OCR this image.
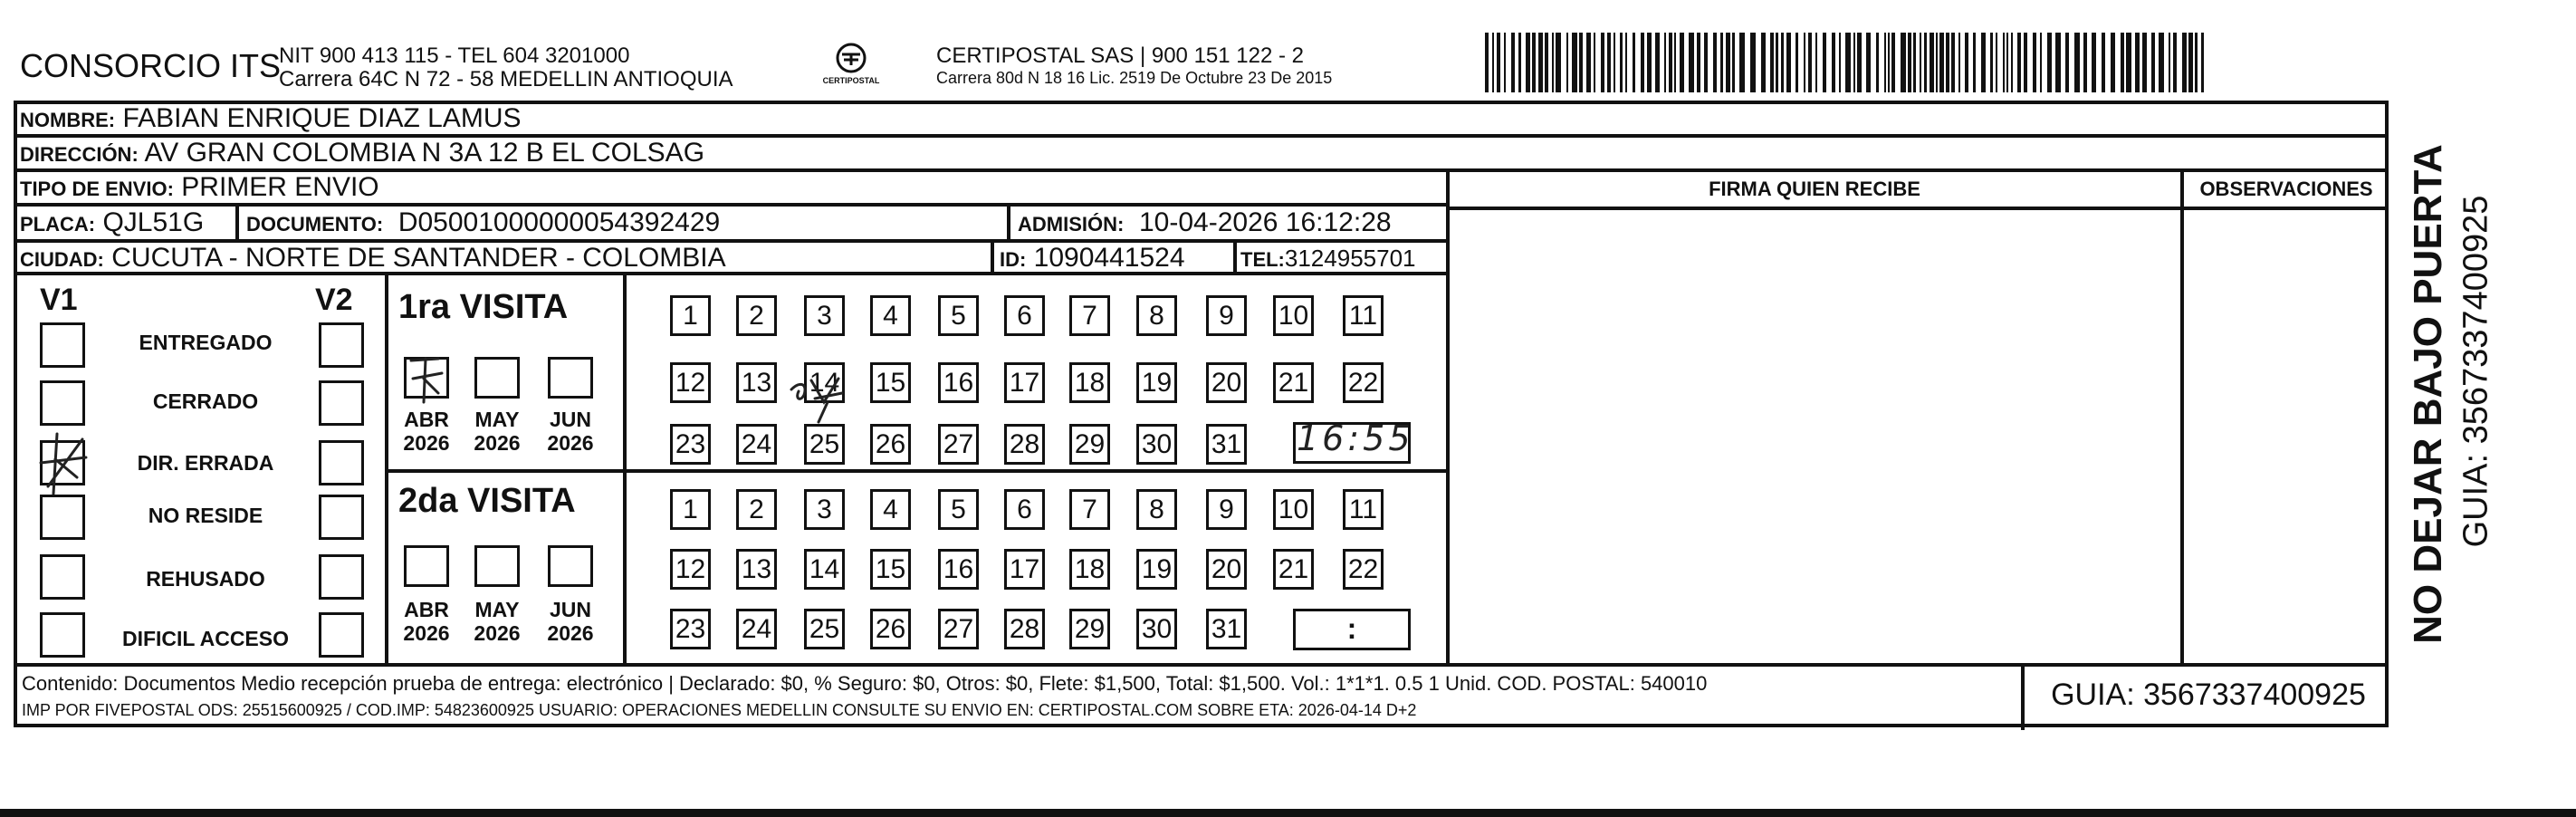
CONSORCIO ITS
NIT 900 413 115 - TEL 604 3201000
Carrera 64C N 72 - 58 MEDELLIN ANTIOQUIA	CERTIPOSTAL
CERTIPOSTAL SAS | 900 151 122 - 2
Carrera 80d N 18 16 Lic. 2519 De Octubre 23 De 2015
NOMBRE: FABIAN ENRIQUE DIAZ LAMUS
DIRECCIÓN: AV GRAN COLOMBIA N 3A 12 B EL COLSAG
TIPO DE ENVIO: PRIMER ENVIO
PLACA: QJL51G DOCUMENTO: D05001000000054392429	ADMISIÓN: 10-04-2026 16:12:28
CIUDAD: CUCUTA - NORTE DE SANTANDER - COLOMBIA	ID: 1090441524	TEL:3124955701
FIRMA QUIEN RECIBE	OBSERVACIONES
V1	V2
ENTREGADO
CERRADO
DIR. ERRADA
NO RESIDE
REHUSADO
DIFICIL ACCESO
1ra VISITA
2da VISITA
ABR
2026
MAY
2026
JUN
2026
ABR
2026
MAY
2026
JUN
2026
1	2	3	4	5	6	7	8	9	10 11
12 13 14 15 16 17 18 19 20 21 22
23 24 25 26 27 28 29 30 31
1	2	3	4	5	6	7	8	9	10 11
12 13 14 15 16 17 18 19 20 21 22
23 24 25 26 27 28 29 30 31
16:55
:
Contenido: Documentos Medio recepción prueba de entrega: electrónico | Declarado: $0, % Seguro: $0, Otros: $0, Flete: $1,500, Total: $1,500. Vol.: 1*1*1. 0.5 1 Unid. COD. POSTAL: 540010
IMP POR FIVEPOSTAL ODS: 25515600925 / COD.IMP: 54823600925 USUARIO: OPERACIONES MEDELLIN CONSULTE SU ENVIO EN: CERTIPOSTAL.COM SOBRE ETA: 2026-04-14 D+2	GUIA: 3567337400925
NO DEJAR BAJO PUERTA GUIA: 3567337400925
